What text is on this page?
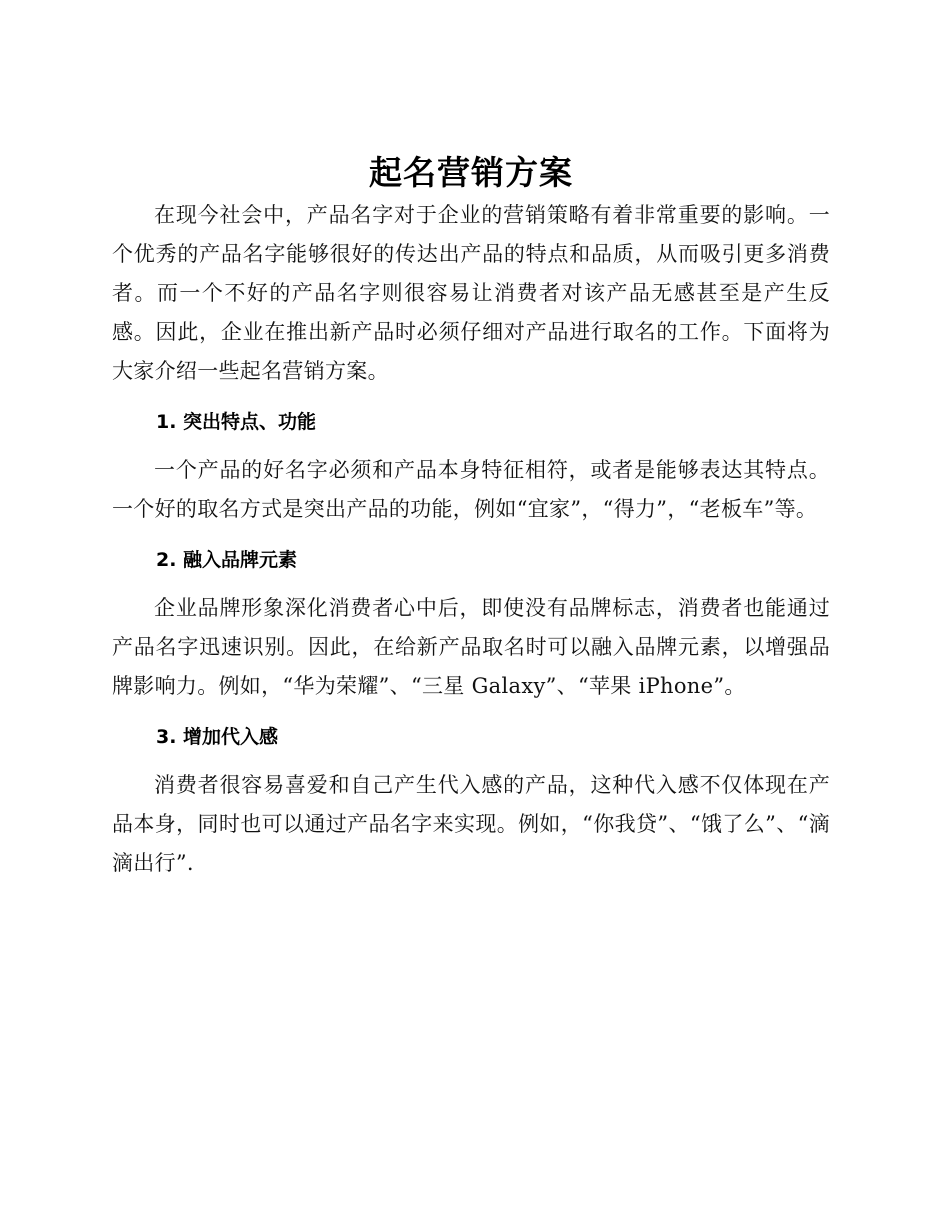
起名营销方案

在现今社会中，产品名字对于企业的营销策略有着非常重要的影响。一个优秀的产品名字能够很好的传达出产品的特点和品质，从而吸引更多消费者。而一个不好的产品名字则很容易让消费者对该产品无感甚至是产生反感。因此，企业在推出新产品时必须仔细对产品进行取名的工作。下面将为大家介绍一些起名营销方案。

1. 突出特点、功能

一个产品的好名字必须和产品本身特征相符，或者是能够表达其特点。一个好的取名方式是突出产品的功能，例如“宜家”，“得力”，“老板车”等。

2. 融入品牌元素

企业品牌形象深化消费者心中后，即使没有品牌标志，消费者也能通过产品名字迅速识别。因此，在给新产品取名时可以融入品牌元素，以增强品牌影响力。例如，“华为荣耀”、“三星 Galaxy”、“苹果 iPhone”。

3. 增加代入感

消费者很容易喜爱和自己产生代入感的产品，这种代入感不仅体现在产品本身，同时也可以通过产品名字来实现。例如，“你我贷”、“饿了么”、“滴滴出行”.
